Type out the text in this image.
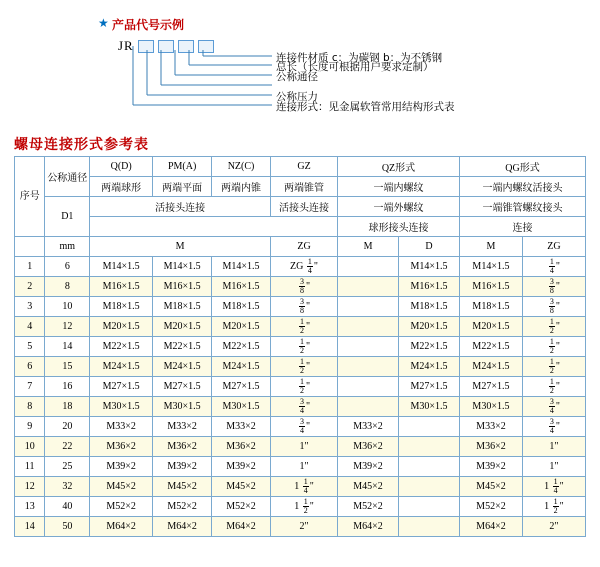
★ 产品代号示例
JR
连接件材质 c：为碳钢 b：为不锈钢
总长（长度可根据用户要求定制）
公称通径
公称压力
连接形式：见金属软管常用结构形式表
螺母连接形式参考表
序号	公称通径	Q(D)	PM(A)	NZ(C)	GZ	QZ形式		QG形式	
		两端球形	两端平面	两端内锥	两端锥管	一端内螺纹		一端内螺纹活接头	
	D1	活接头连接			活接头连接	一端外螺纹		一端锥管螺纹接头	
						球形接头连接		连接	
	mm	M			ZG	M	D	M	ZG
1	6	M14×1.5	M14×1.5	M14×1.5	ZG $\frac{1}{4}$ "		M14×1.5	M14×1.5	$\frac{1}{4}$ "
2	8	M16×1.5	M16×1.5	M16×1.5	$\frac{3}{8}$ "		M16×1.5	M16×1.5	$\frac{3}{8}$ "
3	10	M18×1.5	M18×1.5	M18×1.5	$\frac{3}{8}$ "		M18×1.5	M18×1.5	$\frac{3}{8}$ "
4	12	M20×1.5	M20×1.5	M20×1.5	$\frac{1}{2}$ "		M20×1.5	M20×1.5	$\frac{1}{2}$ "
5	14	M22×1.5	M22×1.5	M22×1.5	$\frac{1}{2}$ "		M22×1.5	M22×1.5	$\frac{1}{2}$ "
6	15	M24×1.5	M24×1.5	M24×1.5	$\frac{1}{2}$ "		M24×1.5	M24×1.5	$\frac{1}{2}$ "
7	16	M27×1.5	M27×1.5	M27×1.5	$\frac{1}{2}$ "		M27×1.5	M27×1.5	$\frac{1}{2}$ "
8	18	M30×1.5	M30×1.5	M30×1.5	$\frac{3}{4}$ "		M30×1.5	M30×1.5	$\frac{3}{4}$ "
9	20	M33×2	M33×2	M33×2	$\frac{3}{4}$ "	M33×2		M33×2	$\frac{3}{4}$ "
10	22	M36×2	M36×2	M36×2	1"	M36×2		M36×2	1"
11	25	M39×2	M39×2	M39×2	1"	M39×2		M39×2	1"
12	32	M45×2	M45×2	M45×2	$1 \frac{1}{4}$ "	M45×2		M45×2	$1 \frac{1}{4}$ "
13	40	M52×2	M52×2	M52×2	$1 \frac{1}{2}$ "	M52×2		M52×2	$1 \frac{1}{2}$ "
14	50	M64×2	M64×2	M64×2	2"	M64×2		M64×2	2"
